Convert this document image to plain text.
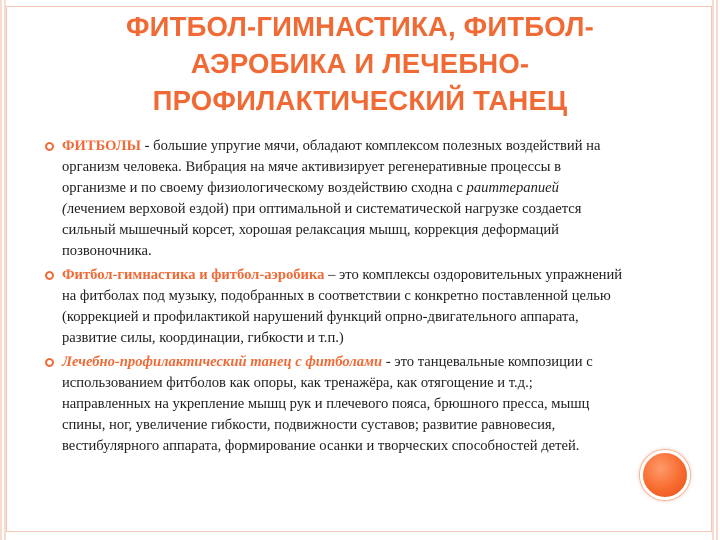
ФИТБОЛ-ГИМНАСТИКА, ФИТБОЛ-
АЭРОБИКА И ЛЕЧЕБНО-
ПРОФИЛАКТИЧЕСКИЙ ТАНЕЦ
ФИТБОЛЫ - большие упругие мячи, обладают комплексом полезных воздействий на организм человека. Вибрация на мяче активизирует регенеративные процессы в организме и по своему физиологическому воздействию сходна с раиттерапией (лечением верховой ездой) при оптимальной и систематической нагрузке создается сильный мышечный корсет, хорошая релаксация мышц, коррекция деформаций позвоночника.
Фитбол-гимнастика и фитбол-аэробика – это комплексы оздоровительных упражнений на фитболах под музыку, подобранных в соответствии с конкретно поставленной целью (коррекцией и профилактикой нарушений функций опрно-двигательного аппарата, развитие силы, координации, гибкости и т.п.)
Лечебно-профилактический танец с фитболами - это танцевальные композиции с использованием фитболов как опоры, как тренажёра, как отягощение и т.д.; направленных на укрепление мышц рук и плечевого пояса, брюшного пресса, мышц спины, ног, увеличение гибкости, подвижности суставов; развитие равновесия, вестибулярного аппарата, формирование осанки и творческих способностей детей.
